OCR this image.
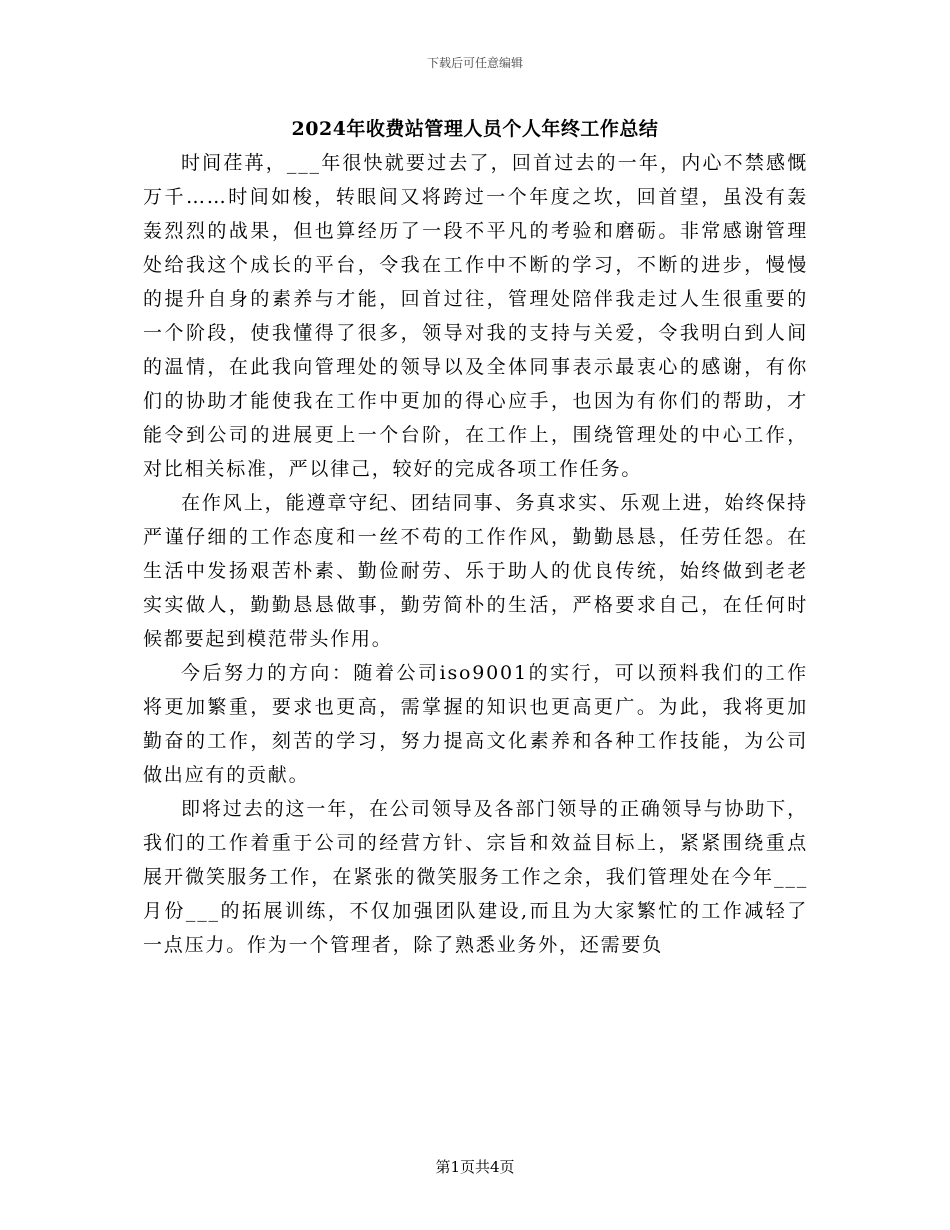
下载后可任意编辑
2024年收费站管理人员个人年终工作总结

时间荏苒，___年很快就要过去了，回首过去的一年，内心不禁感慨万千……时间如梭，转眼间又将跨过一个年度之坎，回首望，虽没有轰轰烈烈的战果，但也算经历了一段不平凡的考验和磨砺。非常感谢管理处给我这个成长的平台，令我在工作中不断的学习，不断的进步，慢慢的提升自身的素养与才能，回首过往，管理处陪伴我走过人生很重要的一个阶段，使我懂得了很多，领导对我的支持与关爱，令我明白到人间的温情，在此我向管理处的领导以及全体同事表示最衷心的感谢，有你们的协助才能使我在工作中更加的得心应手，也因为有你们的帮助，才能令到公司的进展更上一个台阶，在工作上，围绕管理处的中心工作，对比相关标准，严以律己，较好的完成各项工作任务。

在作风上，能遵章守纪、团结同事、务真求实、乐观上进，始终保持严谨仔细的工作态度和一丝不苟的工作作风，勤勤恳恳，任劳任怨。在生活中发扬艰苦朴素、勤俭耐劳、乐于助人的优良传统，始终做到老老实实做人，勤勤恳恳做事，勤劳简朴的生活，严格要求自己，在任何时候都要起到模范带头作用。

今后努力的方向：随着公司iso9001的实行，可以预料我们的工作将更加繁重，要求也更高，需掌握的知识也更高更广。为此，我将更加勤奋的工作，刻苦的学习，努力提高文化素养和各种工作技能，为公司做出应有的贡献。

即将过去的这一年，在公司领导及各部门领导的正确领导与协助下，我们的工作着重于公司的经营方针、宗旨和效益目标上，紧紧围绕重点展开微笑服务工作，在紧张的微笑服务工作之余，我们管理处在今年___月份___的拓展训练，不仅加强团队建设,而且为大家繁忙的工作减轻了一点压力。作为一个管理者，除了熟悉业务外，还需要负

第1页共4页
